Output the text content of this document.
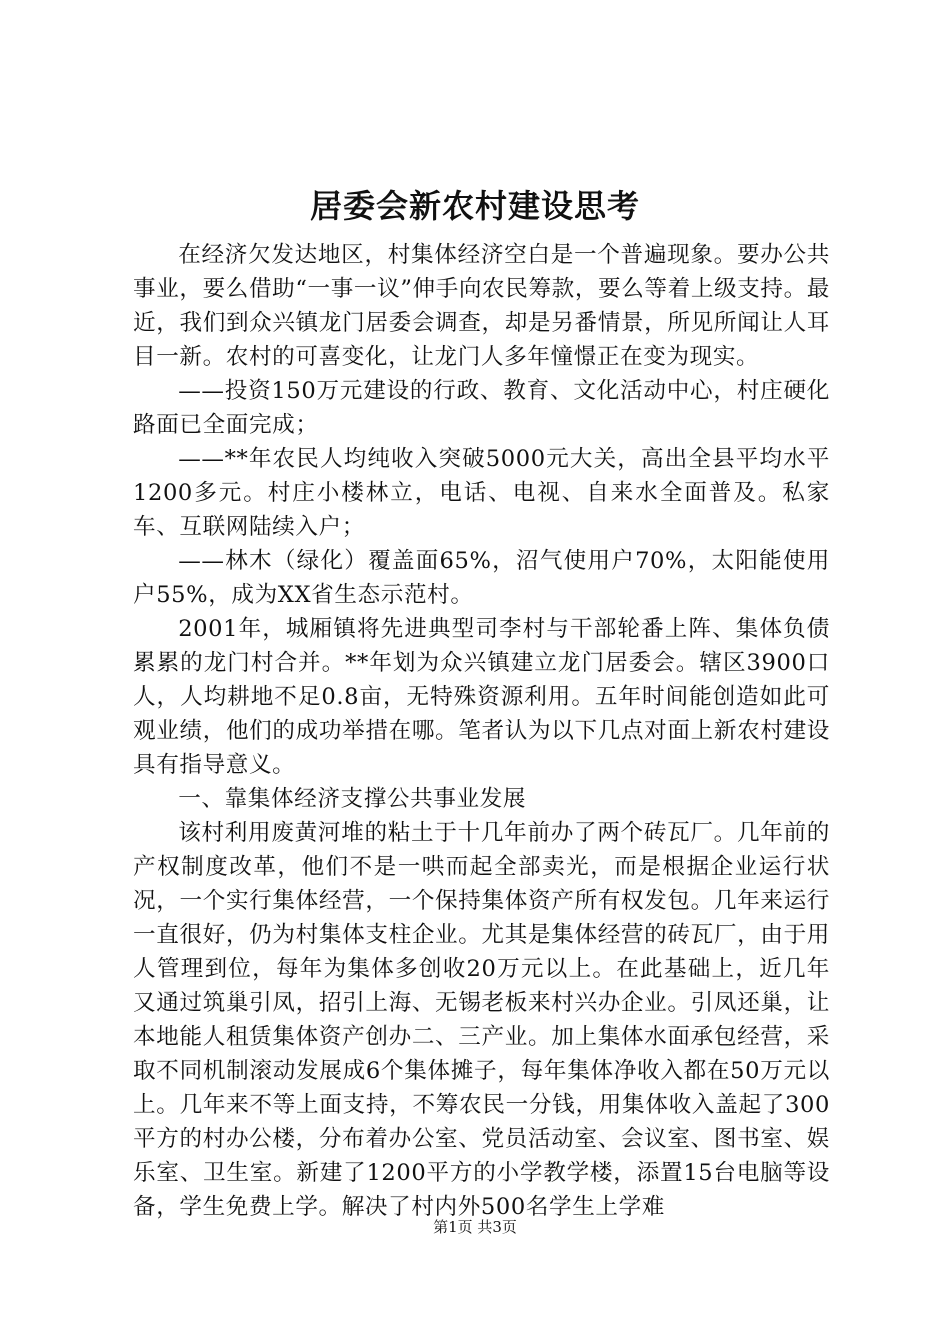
居委会新农村建设思考

在经济欠发达地区，村集体经济空白是一个普遍现象。要办公共事业，要么借助“一事一议”伸手向农民筹款，要么等着上级支持。最近，我们到众兴镇龙门居委会调查，却是另番情景，所见所闻让人耳目一新。农村的可喜变化，让龙门人多年憧憬正在变为现实。

——投资150万元建设的行政、教育、文化活动中心，村庄硬化路面已全面完成；

——**年农民人均纯收入突破5000元大关，高出全县平均水平1200多元。村庄小楼林立，电话、电视、自来水全面普及。私家车、互联网陆续入户；

——林木（绿化）覆盖面65%，沼气使用户70%，太阳能使用户55%，成为XX省生态示范村。

2001年，城厢镇将先进典型司李村与干部轮番上阵、集体负债累累的龙门村合并。**年划为众兴镇建立龙门居委会。辖区3900口人，人均耕地不足0.8亩，无特殊资源利用。五年时间能创造如此可观业绩，他们的成功举措在哪。笔者认为以下几点对面上新农村建设具有指导意义。

一、靠集体经济支撑公共事业发展

该村利用废黄河堆的粘土于十几年前办了两个砖瓦厂。几年前的产权制度改革，他们不是一哄而起全部卖光，而是根据企业运行状况，一个实行集体经营，一个保持集体资产所有权发包。几年来运行一直很好，仍为村集体支柱企业。尤其是集体经营的砖瓦厂，由于用人管理到位，每年为集体多创收20万元以上。在此基础上，近几年又通过筑巢引凤，招引上海、无锡老板来村兴办企业。引凤还巢，让本地能人租赁集体资产创办二、三产业。加上集体水面承包经营，采取不同机制滚动发展成6个集体摊子，每年集体净收入都在50万元以上。几年来不等上面支持，不筹农民一分钱，用集体收入盖起了300平方的村办公楼，分布着办公室、党员活动室、会议室、图书室、娱乐室、卫生室。新建了1200平方的小学教学楼，添置15台电脑等设备，学生免费上学。解决了村内外500名学生上学难

第1页 共3页
